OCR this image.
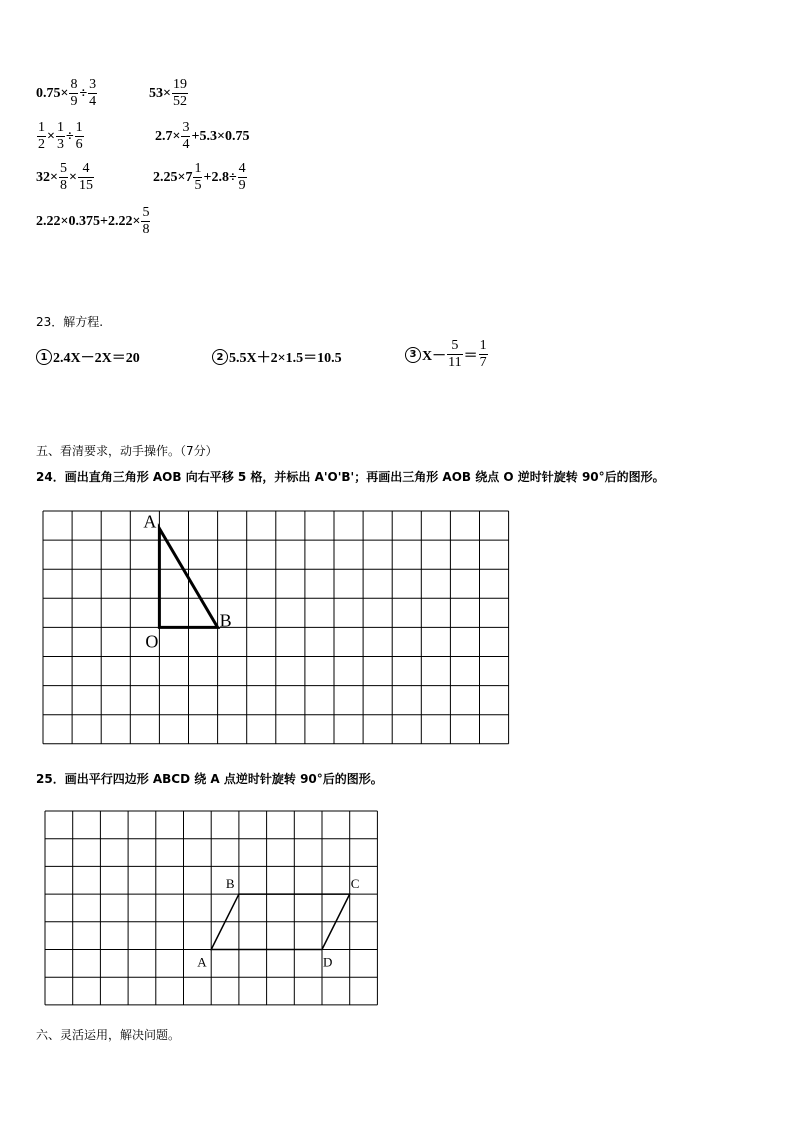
$0.75\times \frac{8}{9} \div \frac{3}{4}$	$53\times \frac{19}{52}$
$\frac{1}{2} \times \frac{1}{3} \div \frac{1}{6}$	$2.7\times \frac{3}{4} +5.3\times 0.75$
$32\times \frac{5}{8} \times \frac{4}{15}$	$2.25\times 7 \frac{1}{5} +2.8\div \frac{4}{9}$
$2.22\times 0.375+2.22\times \frac{5}{8}$
23．解方程.
1 2.4X－2X＝20	2 5.5X＋2×1.5＝10.5	3 $X- \frac{5}{11} = \frac{1}{7}$
五、看清要求，动手操作。（7分）
24．画出直角三角形 AOB 向右平移 5 格，并标出 A'O'B'；再画出三角形 AOB 绕点 O 逆时针旋转 90°后的图形。
A
O
B
25．画出平行四边形 ABCD 绕 A 点逆时针旋转 90°后的图形。
A
B	C
D
六、灵活运用，解决问题。
